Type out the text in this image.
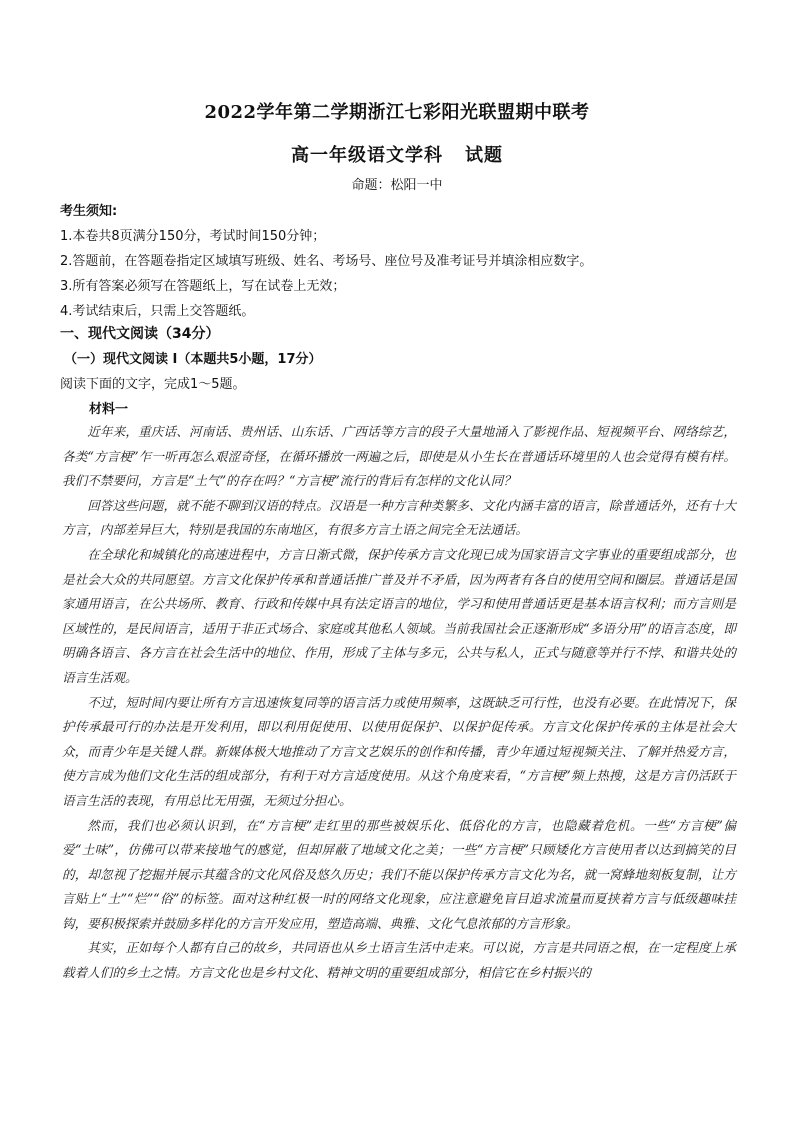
2022学年第二学期浙江七彩阳光联盟期中联考
高一年级语文学科 试题
命题：松阳一中
考生须知:
1.本卷共8页满分150分，考试时间150分钟；
2.答题前，在答题卷指定区域填写班级、姓名、考场号、座位号及准考证号并填涂相应数字。
3.所有答案必须写在答题纸上，写在试卷上无效；
4.考试结束后，只需上交答题纸。
一、现代文阅读（34分）
（一）现代文阅读 I（本题共5小题，17分）
阅读下面的文字，完成1～5题。
材料一

近年来，重庆话、河南话、贵州话、山东话、广西话等方言的段子大量地涌入了影视作品、短视频平台、网络综艺，各类“方言梗”乍一听再怎么艰涩奇怪，在循环播放一两遍之后，即使是从小生长在普通话环境里的人也会觉得有模有样。我们不禁要问，方言是“土气”的存在吗？“方言梗”流行的背后有怎样的文化认同？

回答这些问题，就不能不聊到汉语的特点。汉语是一种方言种类繁多、文化内涵丰富的语言，除普通话外，还有十大方言，内部差异巨大，特别是我国的东南地区，有很多方言土语之间完全无法通话。

在全球化和城镇化的高速进程中，方言日渐式微，保护传承方言文化现已成为国家语言文字事业的重要组成部分，也是社会大众的共同愿望。方言文化保护传承和普通话推广普及并不矛盾，因为两者有各自的使用空间和圈层。普通话是国家通用语言，在公共场所、教育、行政和传媒中具有法定语言的地位，学习和使用普通话更是基本语言权利；而方言则是区域性的，是民间语言，适用于非正式场合、家庭或其他私人领域。当前我国社会正逐渐形成“多语分用”的语言态度，即明确各语言、各方言在社会生活中的地位、作用，形成了主体与多元，公共与私人，正式与随意等并行不悖、和谐共处的语言生活观。

不过，短时间内要让所有方言迅速恢复同等的语言活力或使用频率，这既缺乏可行性，也没有必要。在此情况下，保护传承最可行的办法是开发利用，即以利用促使用、以使用促保护、以保护促传承。方言文化保护传承的主体是社会大众，而青少年是关键人群。新媒体极大地推动了方言文艺娱乐的创作和传播，青少年通过短视频关注、了解并热爱方言，使方言成为他们文化生活的组成部分，有利于对方言适度使用。从这个角度来看，“方言梗”频上热搜，这是方言仍活跃于语言生活的表现，有用总比无用强，无须过分担心。

然而，我们也必须认识到，在“方言梗”走红里的那些被娱乐化、低俗化的方言，也隐藏着危机。一些“方言梗”偏爱“土味”，仿佛可以带来接地气的感觉，但却屏蔽了地域文化之美；一些“方言梗”只顾矮化方言使用者以达到搞笑的目的，却忽视了挖掘并展示其蕴含的文化风俗及悠久历史；我们不能以保护传承方言文化为名，就一窝蜂地刻板复制，让方言贴上“土”“烂”“俗”的标签。面对这种红极一时的网络文化现象，应注意避免盲目追求流量而夏挟着方言与低级趣味挂钩，要积极探索并鼓励多样化的方言开发应用，塑造高端、典雅、文化气息浓郁的方言形象。

其实，正如每个人都有自己的故乡，共同语也从乡土语言生活中走来。可以说，方言是共同语之根，在一定程度上承载着人们的乡土之情。方言文化也是乡村文化、精神文明的重要组成部分，相信它在乡村振兴的
